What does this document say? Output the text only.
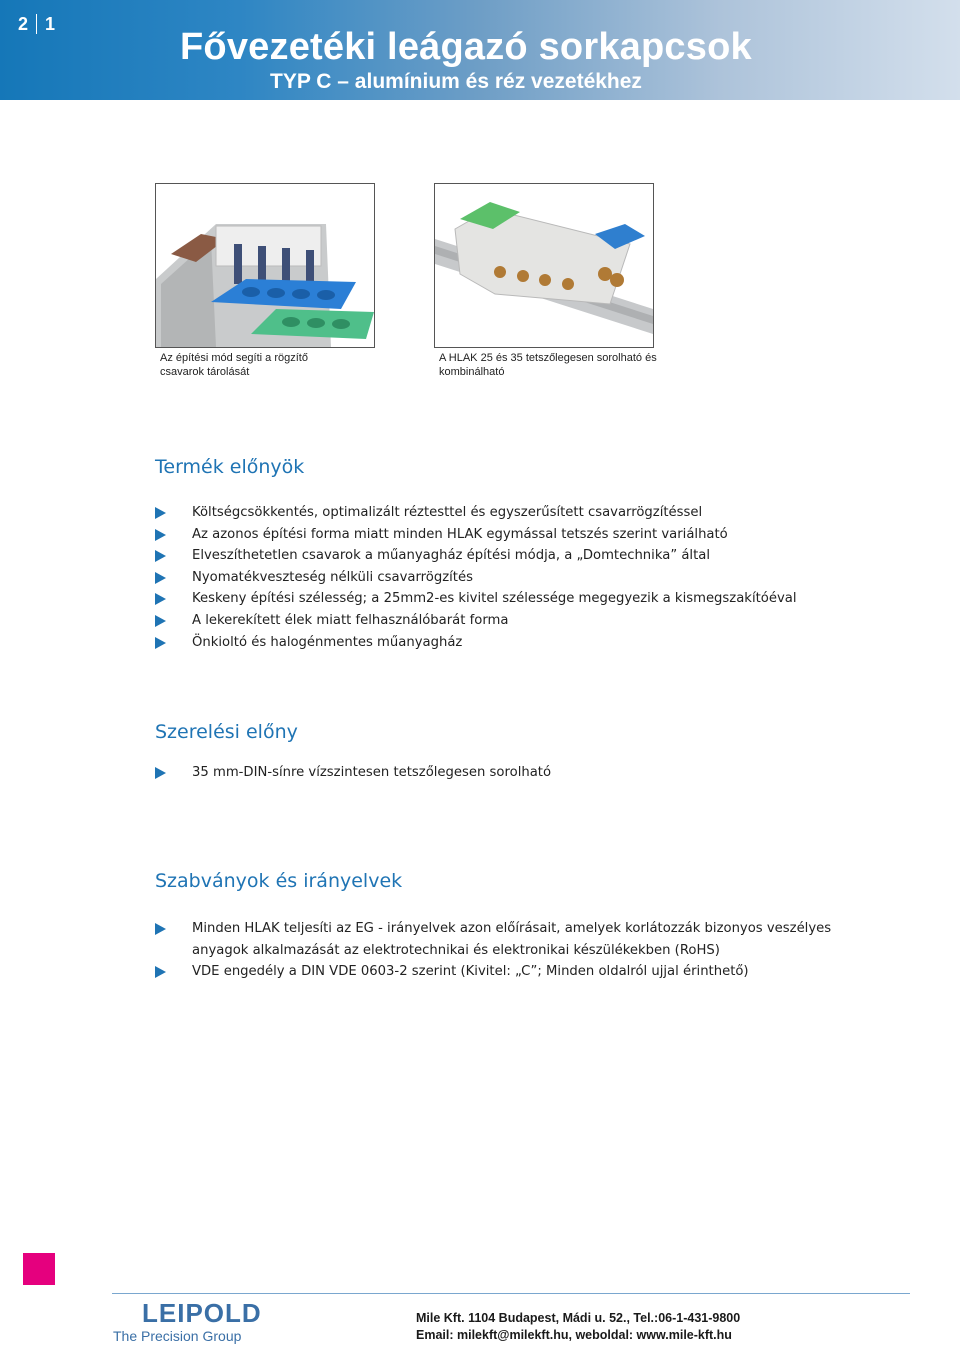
2 1
Fővezetéki leágazó sorkapcsok
TYP C – alumínium és réz vezetékhez
Az építési mód segíti a rögzítő
csavarok tárolását
A HLAK 25 és 35 tetszőlegesen sorolható és
kombinálható
Termék előnyök
Költségcsökkentés, optimalizált réztesttel és egyszerűsített csavarrögzítéssel
Az azonos építési forma miatt minden HLAK egymással tetszés szerint variálható
Elveszíthetetlen csavarok a műanyagház építési módja, a „Domtechnika” által
Nyomatékveszteség nélküli csavarrögzítés
Keskeny építési szélesség; a 25mm2-es kivitel szélessége megegyezik a kismegszakítóéval
A lekerekített élek miatt felhasználóbarát forma
Önkioltó és halogénmentes műanyagház
Szerelési előny
35 mm-DIN-sínre vízszintesen tetszőlegesen sorolható
Szabványok és irányelvek
Minden HLAK teljesíti az EG - irányelvek azon előírásait, amelyek korlátozzák bizonyos veszélyes anyagok alkalmazását az elektrotechnikai és elektronikai készülékekben (RoHS)
VDE engedély a DIN VDE 0603-2 szerint (Kivitel: „C”; Minden oldalról ujjal érinthető)
LEIPOLD
The Precision Group
Mile Kft. 1104 Budapest, Mádi u. 52., Tel.:06-1-431-9800
Email: milekft@milekft.hu, weboldal: www.mile-kft.hu
